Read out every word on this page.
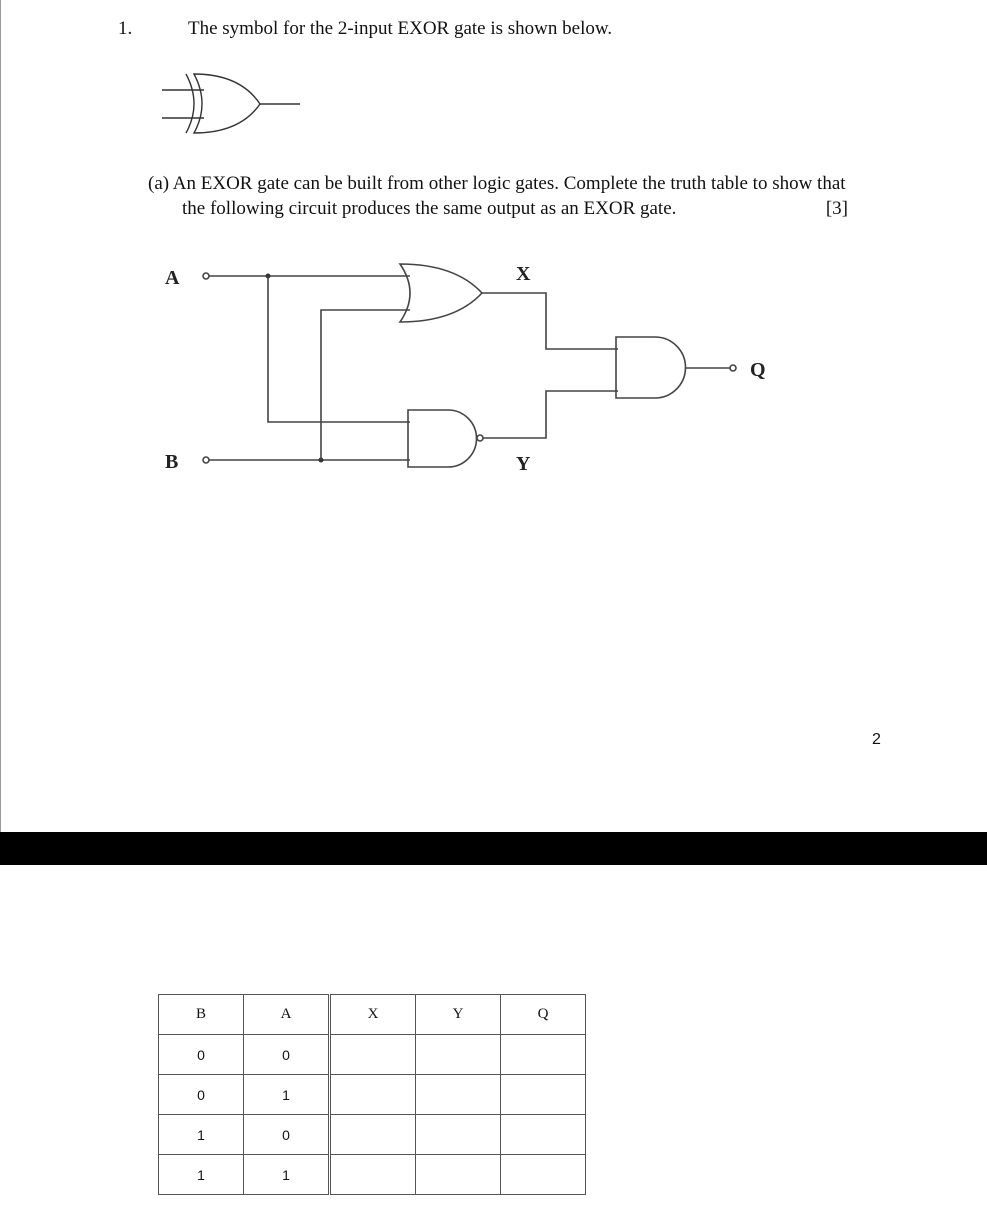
1.	The symbol for the 2-input EXOR gate is shown below.
(a) An EXOR gate can be built from other logic gates. Complete the truth table to show that
the following circuit produces the same output as an EXOR gate.	[3]
A
B
X
Y
Q
2
B	A	X	Y	Q
0	0			
0	1			
1	0			
1	1			
